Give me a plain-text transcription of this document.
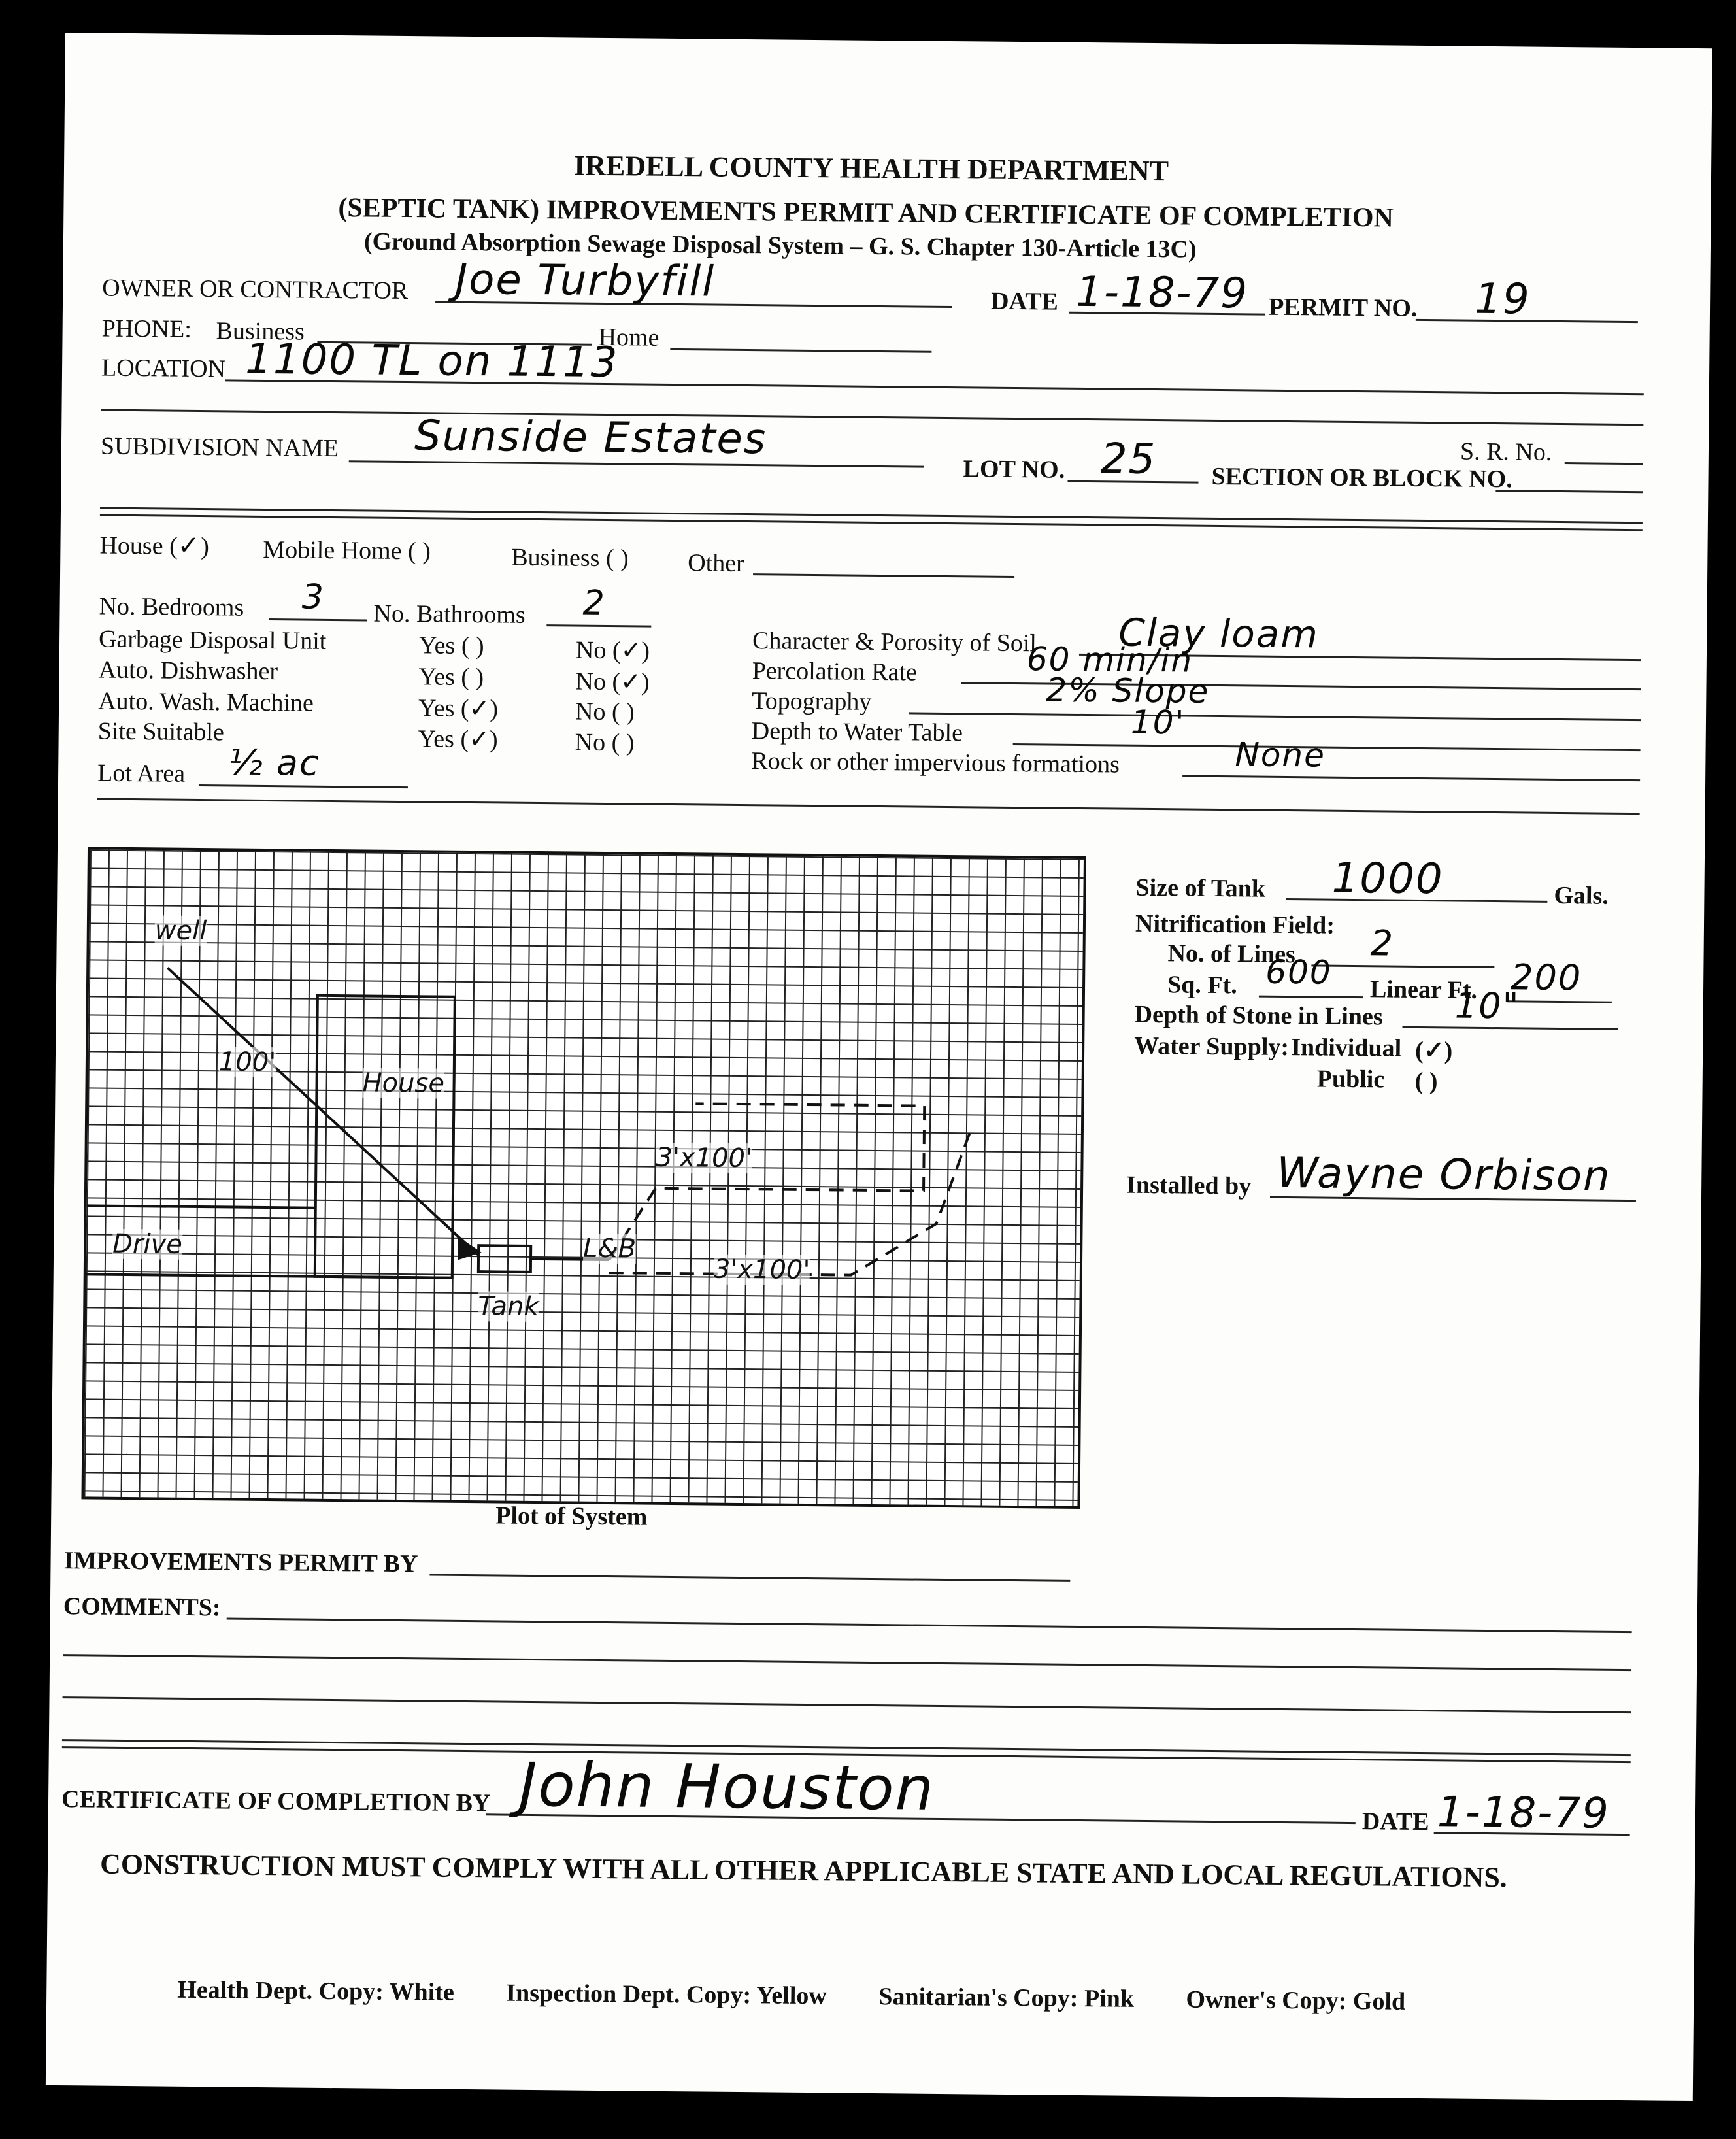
IREDELL COUNTY HEALTH DEPARTMENT
(SEPTIC TANK) IMPROVEMENTS PERMIT AND CERTIFICATE OF COMPLETION
(Ground Absorption Sewage Disposal System – G. S. Chapter 130-Article 13C)
OWNER OR CONTRACTOR Joe Turbyfill	DATE 1-18-79 PERMIT NO. 19
PHONE: Business	Home
LOCATION 1100 TL on 1113
SUBDIVISION NAME Sunside Estates	S. R. No.
LOT NO. 25 SECTION OR BLOCK NO.
House (✓) Mobile Home ( )	Business ( ) Other
No. Bedrooms 3 No. Bathrooms 2
Garbage Disposal Unit	Yes ( )	No (✓)
Auto. Dishwasher	Yes ( )	No (✓)
Auto. Wash. Machine	Yes (✓)	No ( )
Site Suitable	Yes (✓)	No ( )
Lot Area ½ ac
Character & Porosity of Soil Clay loam
Percolation Rate	60 min/in
Topography	2% Slope
Depth to Water Table	10'
Rock or other impervious formations	None
well
100'
House
Drive
Tank
3'x100'
3'x100'
L&B
Plot of System
Size of Tank 1000	Gals.
Nitrification Field:
No. of Lines 2
Sq. Ft. 600 Linear Ft. 200
Depth of Stone in Lines 10"
Water Supply: Individual (✓)
Public ( )
Installed by Wayne Orbison
IMPROVEMENTS PERMIT BY
COMMENTS:
CERTIFICATE OF COMPLETION BY John Houston	DATE 1-18-79
CONSTRUCTION MUST COMPLY WITH ALL OTHER APPLICABLE STATE AND LOCAL REGULATIONS.
Health Dept. Copy: White Inspection Dept. Copy: Yellow Sanitarian's Copy: Pink Owner's Copy: Gold
